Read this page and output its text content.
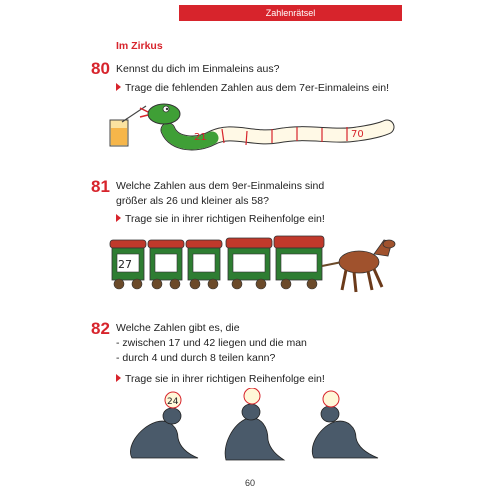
Zahlenrätsel
Im Zirkus
80 Kennst du dich im Einmaleins aus?
Trage die fehlenden Zahlen aus dem 7er-Einmaleins ein!
21	70
81 Welche Zahlen aus dem 9er-Einmaleins sind
größer als 26 und kleiner als 58?
Trage sie in ihrer richtigen Reihenfolge ein!
27
82 Welche Zahlen gibt es, die
- zwischen 17 und 42 liegen und die man
- durch 4 und durch 8 teilen kann?
Trage sie in ihrer richtigen Reihenfolge ein!
24
60
